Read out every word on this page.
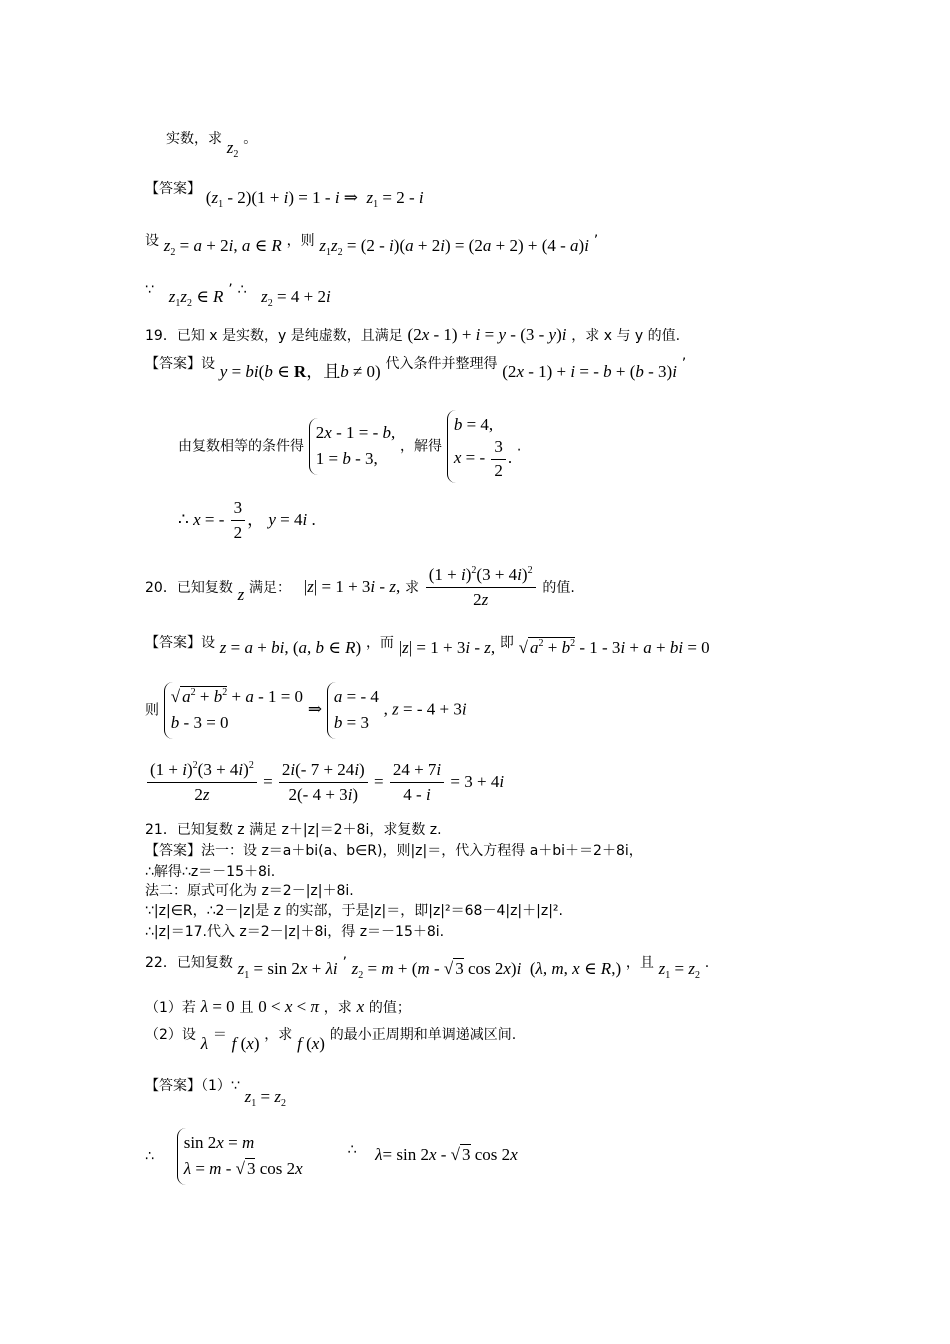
实数，求 $z_2$ 。
【答案】 $(z_1 - 2)(1 + i) = 1 - i$ ⇒  $z_1 = 2 - i$
设 $z_2 = a + 2i$, a ∈ R ，则 $z_1z_2 = (2 - i)(a + 2i) = (2a + 2) + (4 - a)i$ ’
∵ $z_1z_2$ ∈ R ’ ∴ $z_2 = 4 + 2i$
19．已知 x 是实数，y 是纯虚数，且满足 (2x - 1) + i = y - (3 - y)i ，求 x 与 y 的值.
【答案】设 y = bi(b ∈ R，且b ≠ 0) 代入条件并整理得 (2x - 1) + i = - b + (b - 3)i ’
由复数相等的条件得 2x - 1 = - b,
1 = b - 3, ，解得 b = 4,
x = - $\frac{3}{2}$ . .
∴ x = - $\frac{3}{2}$ ， y = 4i .
20．已知复数 z 满足： |z| = 1 + 3i - z, 求 $\frac{(1 + i)^2(3 + 4i)^2}{2z}$ 的值.
【答案】设 z = a + bi, (a, b ∈ R) ，而 |z| = 1 + 3i - z, 即 √ $a^2 + b^2 - 1 - 3i + a$ + bi = 0
则 √ $a^2 + b^2 + a - 1 = 0$
b - 3 = 0 ⇒ a = - 4
b = 3 , z = - 4 + 3i
$\frac{(1 + i)^2(3 + 4i)^2}{2z} = \frac{2i(- 7 + 24i)}{2(- 4 + 3i)} = \frac{24 + 7i}{4 - i} = 3 + 4i$
21．已知复数 z 满足 z＋|z|＝2＋8i，求复数 z.
【答案】法一：设 z＝a＋bi(a、b∈R)，则|z|＝，代入方程得 a＋bi＋＝2＋8i，
∴解得∴z＝－15＋8i.
法二：原式可化为 z＝2－|z|＋8i.
∵|z|∈R，∴2－|z|是 z 的实部，于是|z|＝，即|z|²＝68－4|z|＋|z|².
∴|z|＝17.代入 z＝2－|z|＋8i，得 z＝－15＋8i.
22．已知复数 $z_1 = \sin 2x + \lambda i$ ’ $z_2 = m + (m$ - √ 3 cos 2x)i  (λ, m, x ∈ R,) ，且 $z_1 = z_2$ .
（1）若 λ = 0 且 0 < x < π ，求 x 的值；
（2）设 λ ＝ f (x) ，求 f (x) 的最小正周期和单调递减区间.
【答案】（1）∵ $z_1 = z_2$
∴ sin 2x = m
λ = m - √ 3 cos 2x ∴ λ= sin 2x - √ 3 cos 2x
